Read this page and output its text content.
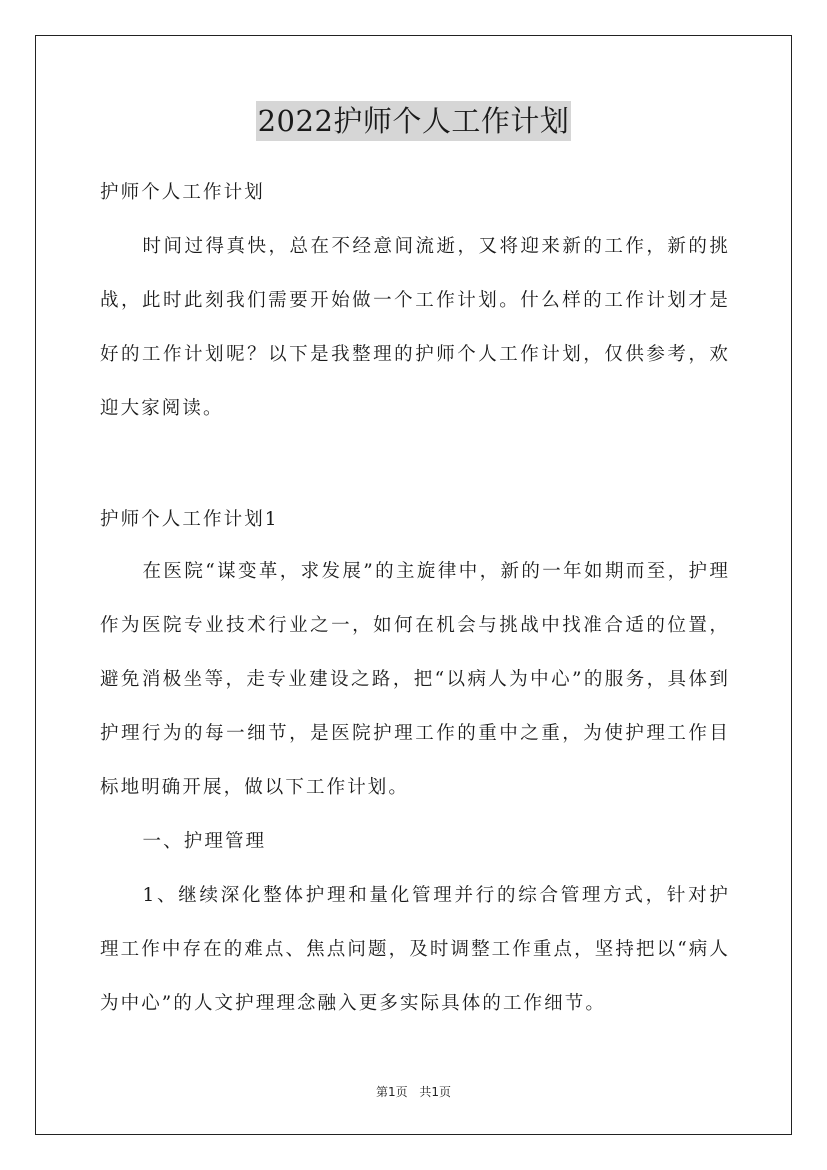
2022护师个人工作计划
护师个人工作计划

时间过得真快，总在不经意间流逝，又将迎来新的工作，新的挑战，此时此刻我们需要开始做一个工作计划。什么样的工作计划才是好的工作计划呢？以下是我整理的护师个人工作计划，仅供参考，欢迎大家阅读。

护师个人工作计划1

在医院“谋变革，求发展”的主旋律中，新的一年如期而至，护理作为医院专业技术行业之一，如何在机会与挑战中找准合适的位置，避免消极坐等，走专业建设之路，把“以病人为中心”的服务，具体到护理行为的每一细节，是医院护理工作的重中之重，为使护理工作目标地明确开展，做以下工作计划。

一、护理管理

1、继续深化整体护理和量化管理并行的综合管理方式，针对护理工作中存在的难点、焦点问题，及时调整工作重点，坚持把以“病人为中心”的人文护理理念融入更多实际具体的工作细节。

第1页 共1页
